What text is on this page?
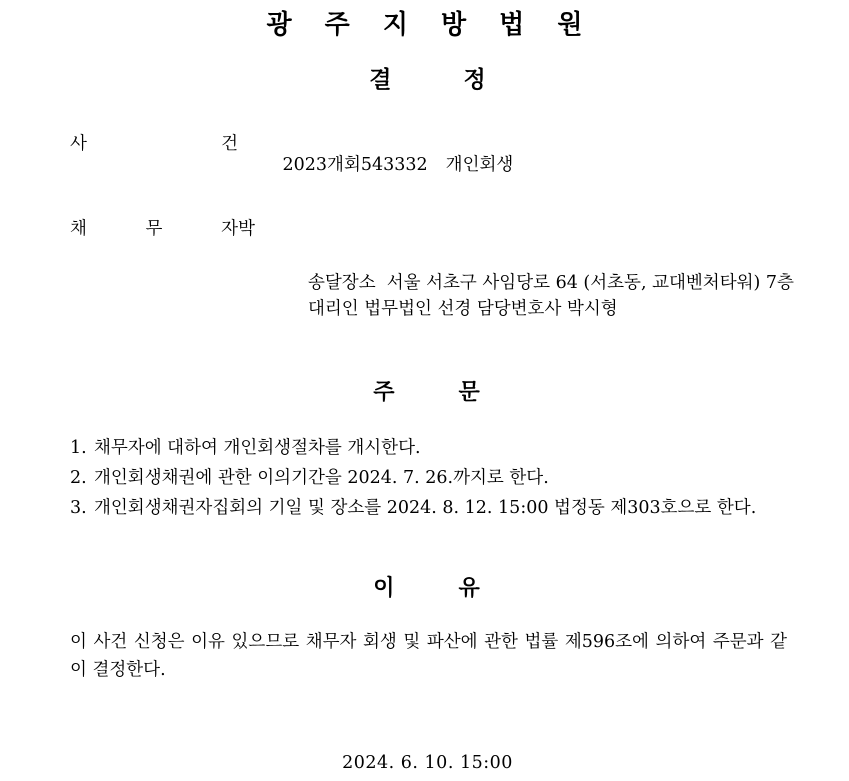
광 주 지 방 법 원
결	정
사	건

2023개회543332 개인회생

채	무	자 박
송달장소  서울 서초구 사임당로 64 (서초동, 교대벤처타워) 7층
대리인 법무법인 선경 담당변호사 박시형
주	문
1. 채무자에 대하여 개인회생절차를 개시한다.
2. 개인회생채권에 관한 이의기간을 2024. 7. 26.까지로 한다.
3. 개인회생채권자집회의 기일 및 장소를 2024. 8. 12. 15:00 법정동 제303호으로 한다.
이	유
이 사건 신청은 이유 있으므로 채무자 회생 및 파산에 관한 법률 제596조에 의하여 주문과 같이 결정한다.
2024. 6. 10. 15:00
